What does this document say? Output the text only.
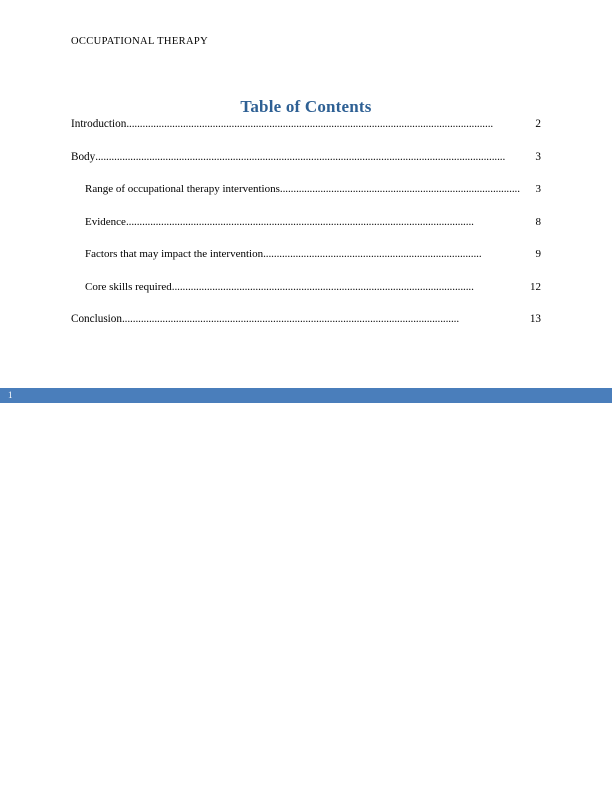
OCCUPATIONAL THERAPY
Table of Contents
Introduction ........................................................................................................................................	2
Body ........................................................................................................................................................	3
Range of occupational therapy interventions .........................................................................................	3
Evidence .................................................................................................................................	8
Factors that may impact the intervention .................................................................................	9
Core skills required ................................................................................................................	12
Conclusion .............................................................................................................................	13
1
